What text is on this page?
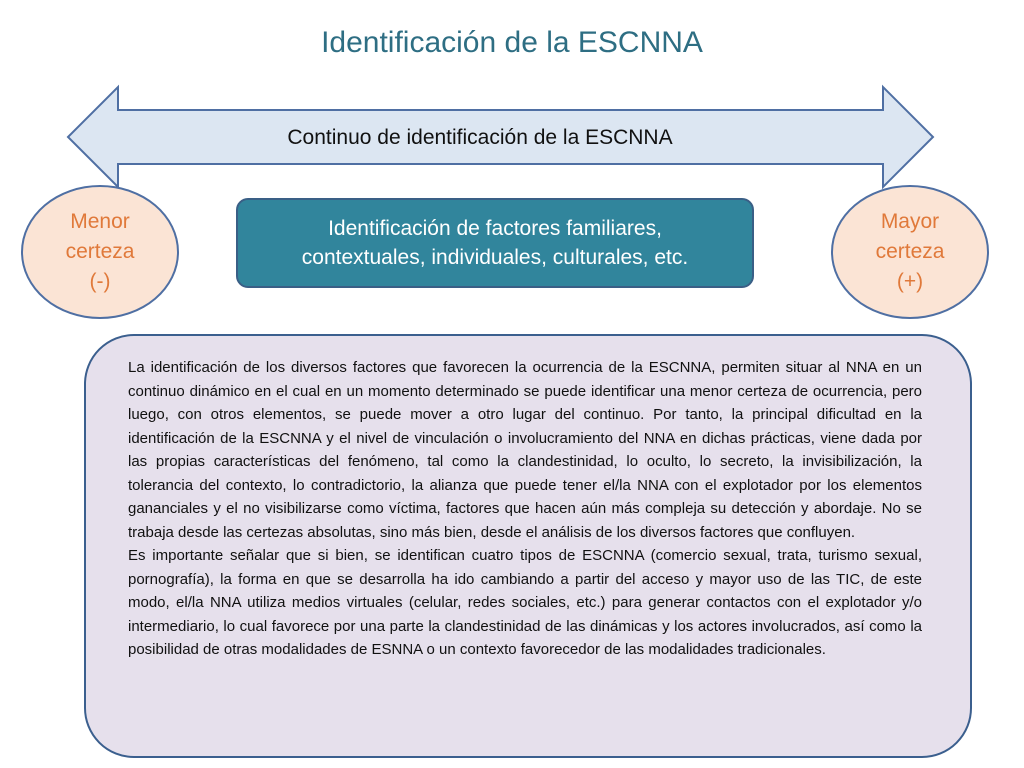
Identificación de la ESCNNA
Continuo de identificación de la ESCNNA
Menor
certeza
(-)
Mayor
certeza
(+)
Identificación de factores familiares,
contextuales, individuales, culturales, etc.

La identificación de los diversos factores que favorecen la ocurrencia de la ESCNNA, permiten situar al NNA en un continuo dinámico en el cual en un momento determinado se puede identificar una menor certeza de ocurrencia, pero luego, con otros elementos, se puede mover a otro lugar del continuo. Por tanto, la principal dificultad en la identificación de la ESCNNA y el nivel de vinculación o involucramiento del NNA en dichas prácticas, viene dada por las propias características del fenómeno, tal como la clandestinidad, lo oculto, lo secreto, la invisibilización, la tolerancia del contexto, lo contradictorio, la alianza que puede tener el/la NNA con el explotador por los elementos gananciales y el no visibilizarse como víctima, factores que hacen aún más compleja su detección y abordaje. No se trabaja desde las certezas absolutas, sino más bien, desde el análisis de los diversos factores que confluyen.

Es importante señalar que si bien, se identifican cuatro tipos de ESCNNA (comercio sexual, trata, turismo sexual, pornografía), la forma en que se desarrolla ha ido cambiando a partir del acceso y mayor uso de las TIC, de este modo, el/la NNA utiliza medios virtuales (celular, redes sociales, etc.) para generar contactos con el explotador y/o intermediario, lo cual favorece por una parte la clandestinidad de las dinámicas y los actores involucrados, así como la posibilidad de otras modalidades de ESNNA o un contexto favorecedor de las modalidades tradicionales.
